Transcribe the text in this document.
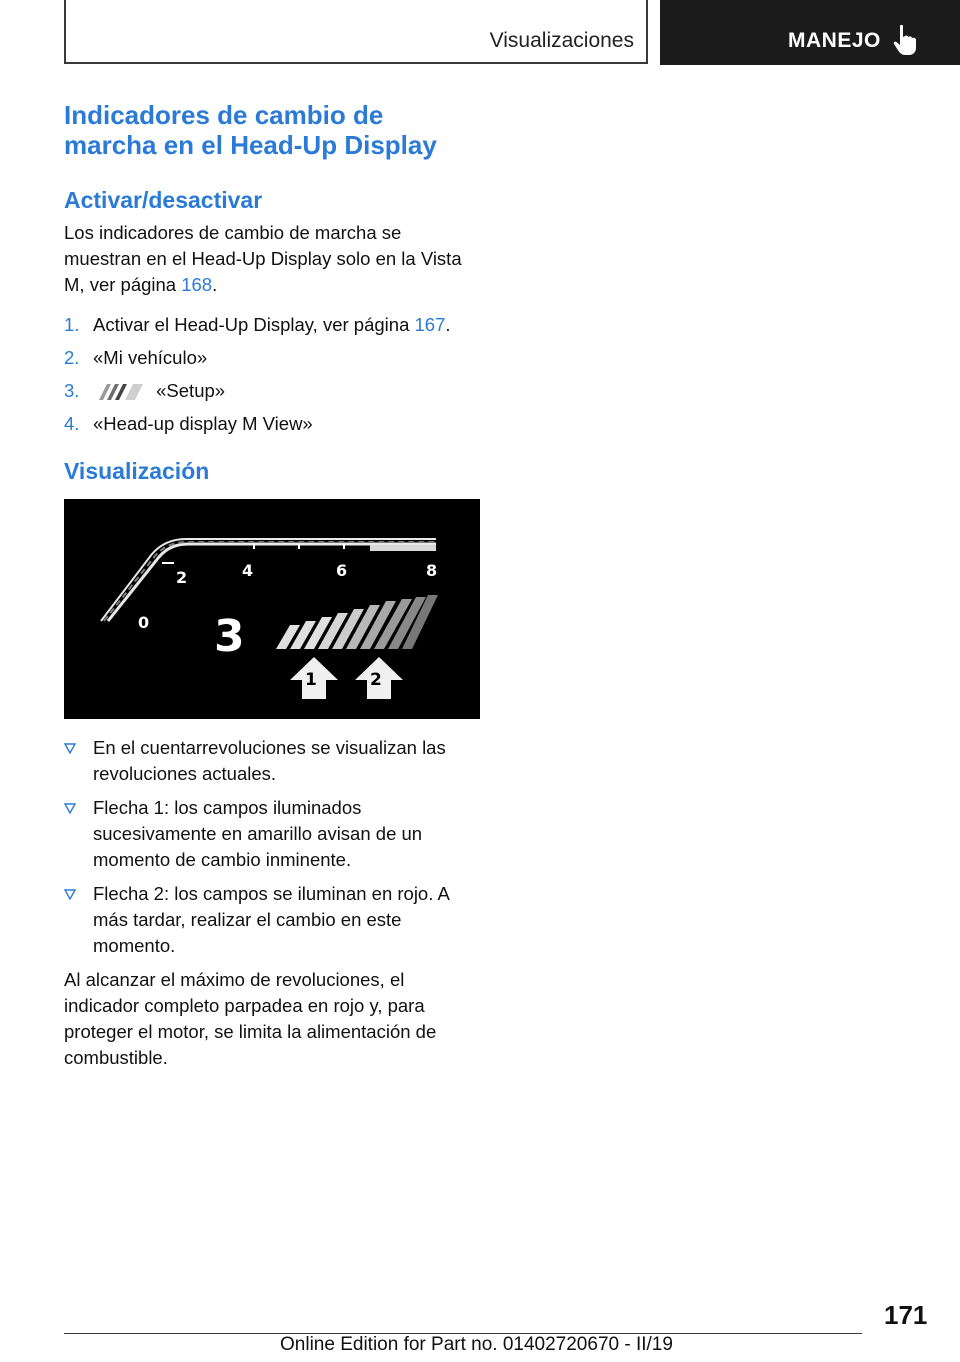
Visualizaciones	MANEJO
Indicadores de cambio de marcha en el Head-Up Display
Activar/desactivar

Los indicadores de cambio de marcha se muestran en el Head-Up Display solo en la Vista M, ver página 168.

1. Activar el Head-Up Display, ver página 167.
2. «Mi vehículo»
3.	«Setup»
4. «Head-up display M View»
Visualización
0
2	4	6	8
3
1	2
En el cuentarrevoluciones se visualizan las revoluciones actuales.
Flecha 1: los campos iluminados sucesivamente en amarillo avisan de un momento de cambio inminente.
Flecha 2: los campos se iluminan en rojo. A más tardar, realizar el cambio en este momento.

Al alcanzar el máximo de revoluciones, el indicador completo parpadea en rojo y, para proteger el motor, se limita la alimentación de combustible.

171
Online Edition for Part no. 01402720670 - II/19
